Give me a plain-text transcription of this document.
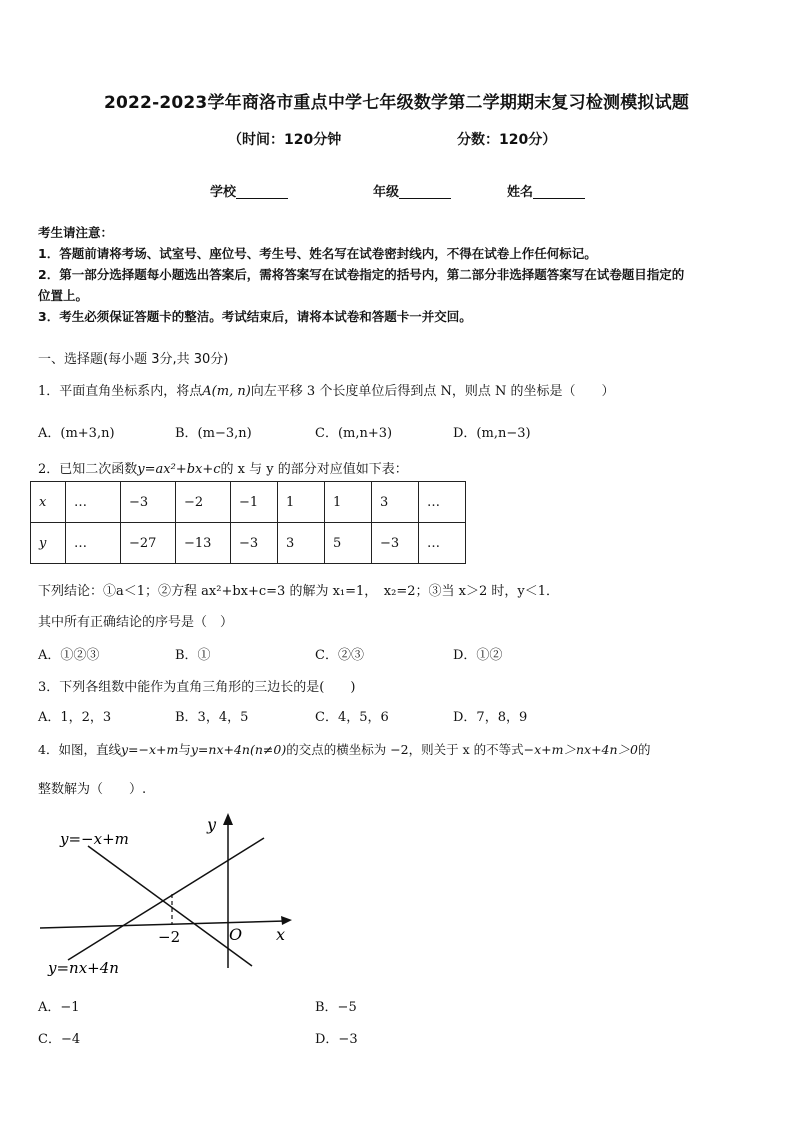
2022-2023学年商洛市重点中学七年级数学第二学期期末复习检测模拟试题
（时间：120分钟	分数：120分）
学校	年级	姓名
考生请注意：
1．答题前请将考场、试室号、座位号、考生号、姓名写在试卷密封线内，不得在试卷上作任何标记。
2．第一部分选择题每小题选出答案后，需将答案写在试卷指定的括号内，第二部分非选择题答案写在试卷题目指定的
位置上。
3．考生必须保证答题卡的整洁。考试结束后，请将本试卷和答题卡一并交回。
一、选择题(每小题 3分,共 30分)
1．平面直角坐标系内，将点A(m, n)向左平移 3 个长度单位后得到点 N，则点 N 的坐标是（　　）
A．(m+3,n)	B．(m−3,n)	C．(m,n+3)	D．(m,n−3)
2．已知二次函数y=ax²+bx+c的 x 与 y 的部分对应值如下表：
x	…	−3	−2	−1	1	1	3	…
y	…	−27	−13	−3	3	5	−3	…
下列结论：①a＜1；②方程 ax²+bx+c=3 的解为 x₁=1，　x₂=2；③当 x＞2 时，y＜1．
其中所有正确结论的序号是（　）
A．①②③	B．①	C．②③	D．①②
3．下列各组数中能作为直角三角形的三边长的是(　　)
A．1，2，3	B．3，4，5	C．4，5，6	D．7，8，9
4．如图，直线y=−x+m与y=nx+4n(n≠0)的交点的横坐标为 −2，则关于 x 的不等式−x+m＞nx+4n＞0的
整数解为（　　）.
y=−x+m
y=nx+4n
y
x
O
−2
A．−1	B．−5
C．−4	D．−3
